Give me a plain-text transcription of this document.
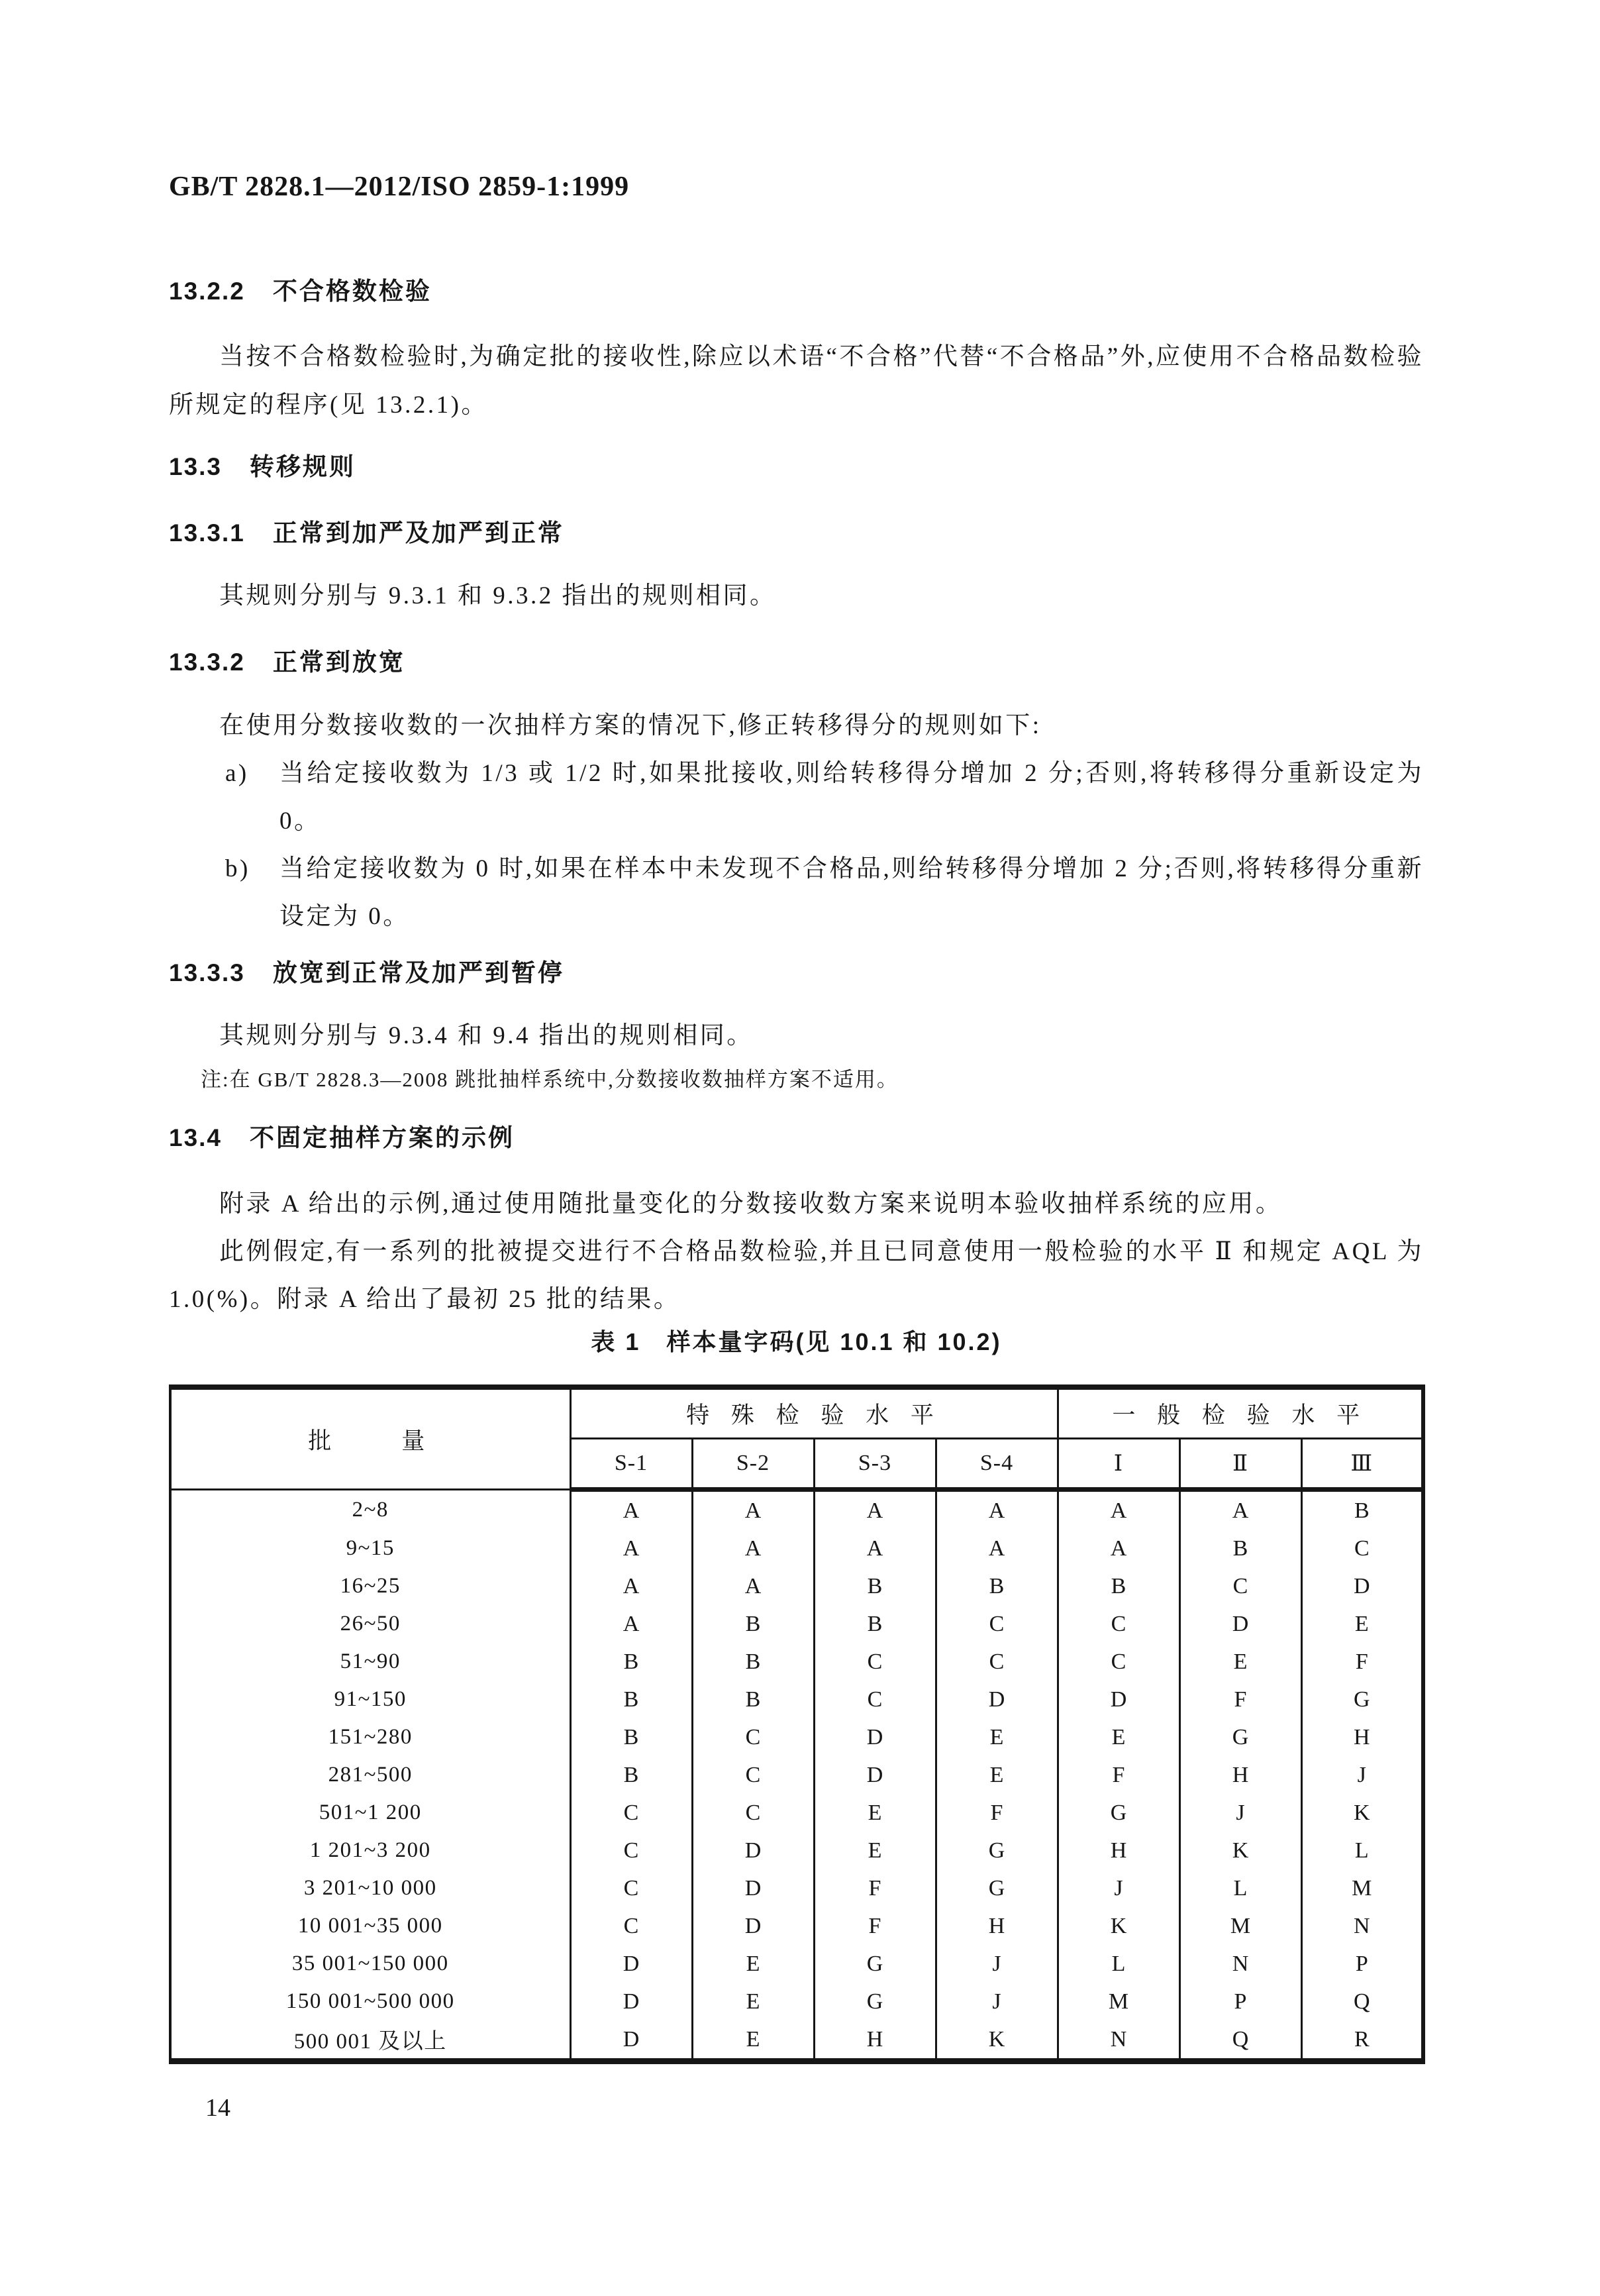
GB/T 2828.1—2012/ISO 2859-1:1999
13.2.2 不合格数检验

当按不合格数检验时,为确定批的接收性,除应以术语“不合格”代替“不合格品”外,应使用不合格品数检验所规定的程序(见 13.2.1)。

13.3 转移规则
13.3.1 正常到加严及加严到正常

其规则分别与 9.3.1 和 9.3.2 指出的规则相同。

13.3.2 正常到放宽

在使用分数接收数的一次抽样方案的情况下,修正转移得分的规则如下:

a)	当给定接收数为 1/3 或 1/2 时,如果批接收,则给转移得分增加 2 分;否则,将转移得分重新设定为 0。
b)	当给定接收数为 0 时,如果在样本中未发现不合格品,则给转移得分增加 2 分;否则,将转移得分重新设定为 0。
13.3.3 放宽到正常及加严到暂停

其规则分别与 9.3.4 和 9.4 指出的规则相同。

注:在 GB/T 2828.3—2008 跳批抽样系统中,分数接收数抽样方案不适用。
13.4 不固定抽样方案的示例

附录 A 给出的示例,通过使用随批量变化的分数接收数方案来说明本验收抽样系统的应用。

此例假定,有一系列的批被提交进行不合格品数检验,并且已同意使用一般检验的水平 Ⅱ 和规定 AQL 为 1.0(%)。附录 A 给出了最初 25 批的结果。

表 1　样本量字码(见 10.1 和 10.2)
批　　量	特 殊 检 验 水 平				一 般 检 验 水 平		
	S-1	S-2	S-3	S-4	Ⅰ	Ⅱ	Ⅲ
2~8	A	A	A	A	A	A	B
9~15	A	A	A	A	A	B	C
16~25	A	A	B	B	B	C	D
26~50	A	B	B	C	C	D	E
51~90	B	B	C	C	C	E	F
91~150	B	B	C	D	D	F	G
151~280	B	C	D	E	E	G	H
281~500	B	C	D	E	F	H	J
501~1 200	C	C	E	F	G	J	K
1 201~3 200	C	D	E	G	H	K	L
3 201~10 000	C	D	F	G	J	L	M
10 001~35 000	C	D	F	H	K	M	N
35 001~150 000	D	E	G	J	L	N	P
150 001~500 000	D	E	G	J	M	P	Q
500 001 及以上	D	E	H	K	N	Q	R
14
